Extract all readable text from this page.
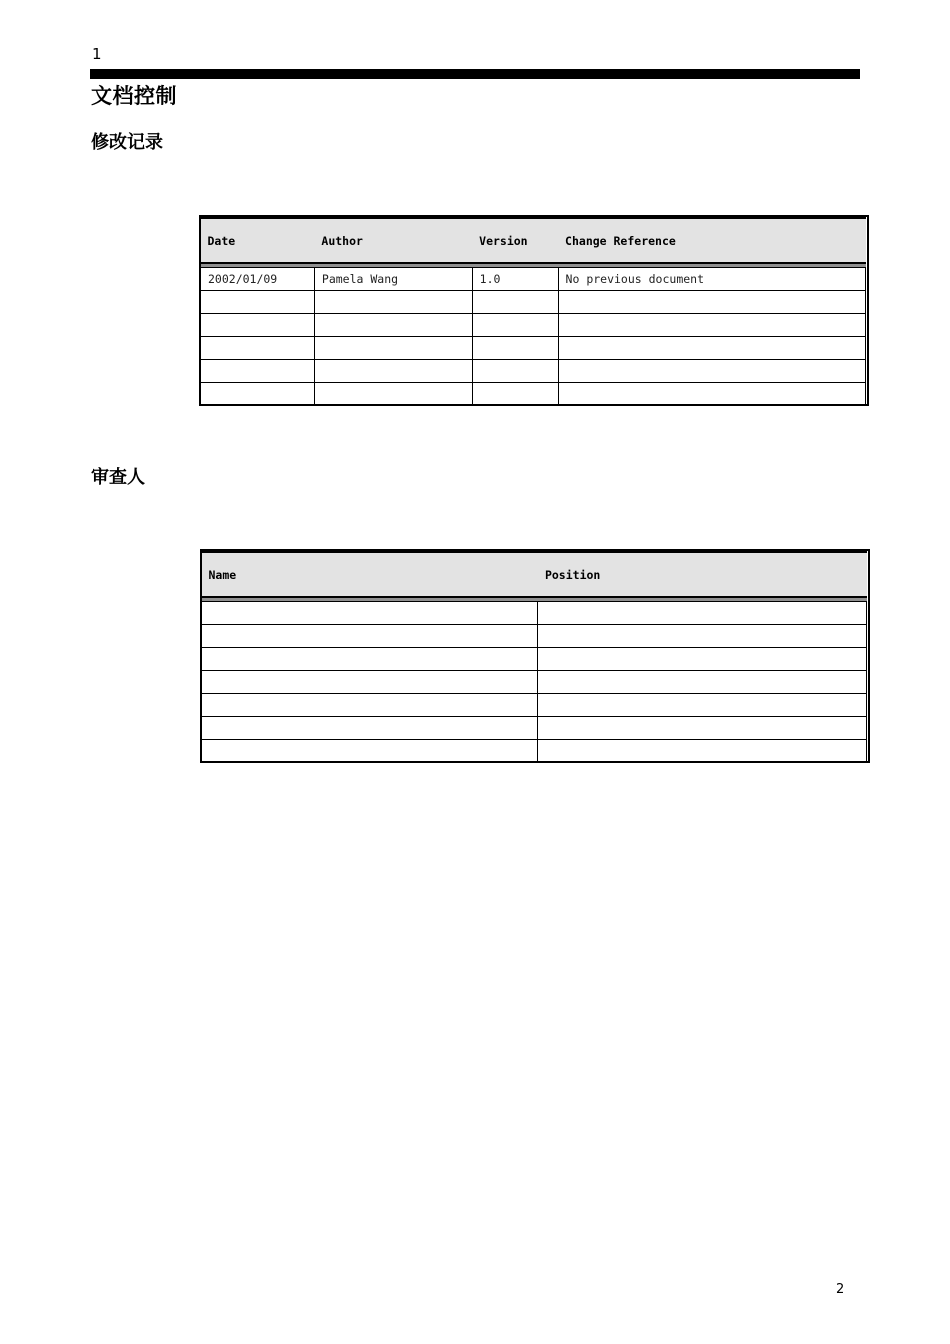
1
文档控制
修改记录
Date	Author	Version	Change Reference

2002/01/09	Pamela Wang	1.0	No previous document

审查人
Name	Position

2
